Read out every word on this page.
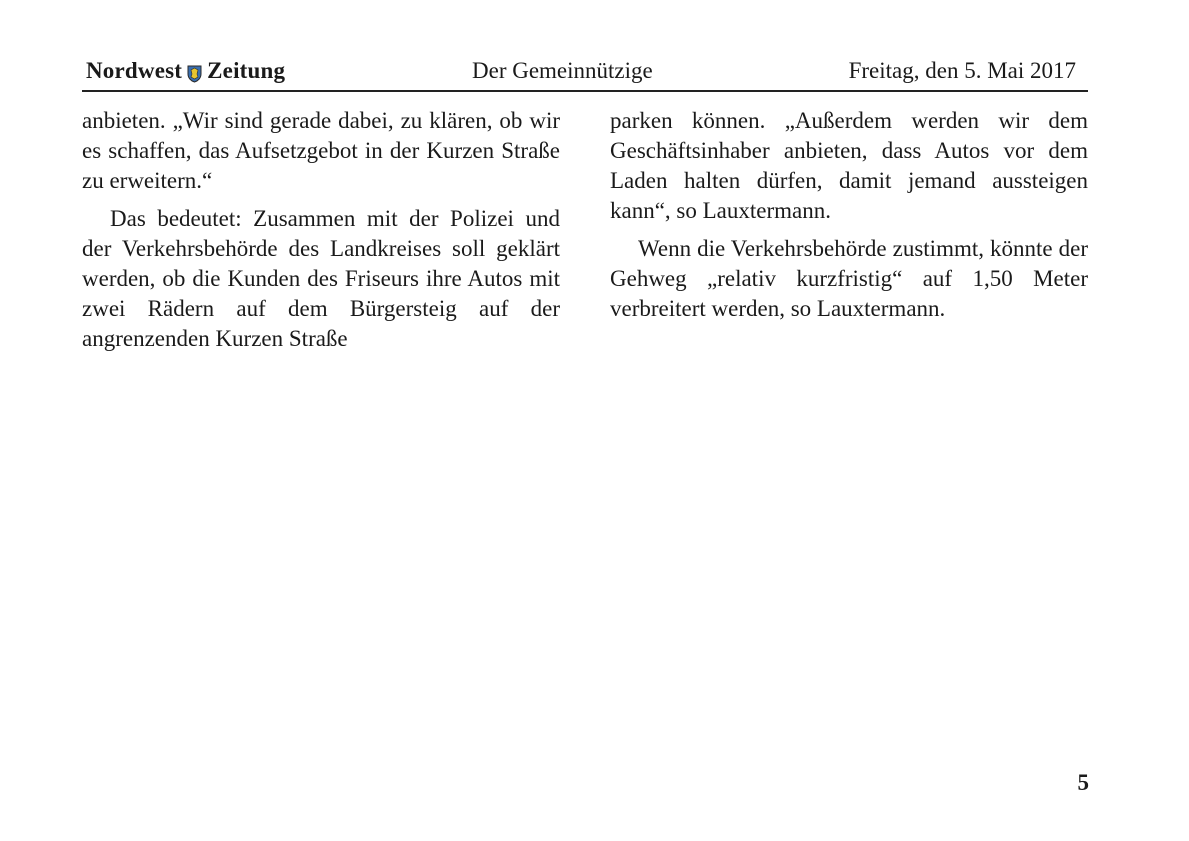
Nordwest Zeitung	Der Gemeinnützige	Freitag, den 5. Mai 2017

anbieten. „Wir sind gerade dabei, zu klären, ob wir es schaffen, das Aufsetzgebot in der Kurzen Straße zu erweitern.“

Das bedeutet: Zusammen mit der Polizei und der Verkehrsbehörde des Landkreises soll geklärt werden, ob die Kunden des Friseurs ihre Autos mit zwei Rädern auf dem Bürgersteig auf der angrenzenden Kurzen Straße

parken können. „Außerdem werden wir dem Geschäftsinhaber anbieten, dass Autos vor dem Laden halten dürfen, damit jemand aussteigen kann“, so Lauxtermann.

Wenn die Verkehrsbehörde zustimmt, könnte der Gehweg „relativ kurzfristig“ auf 1,50 Meter verbreitert werden, so Lauxtermann.

5
